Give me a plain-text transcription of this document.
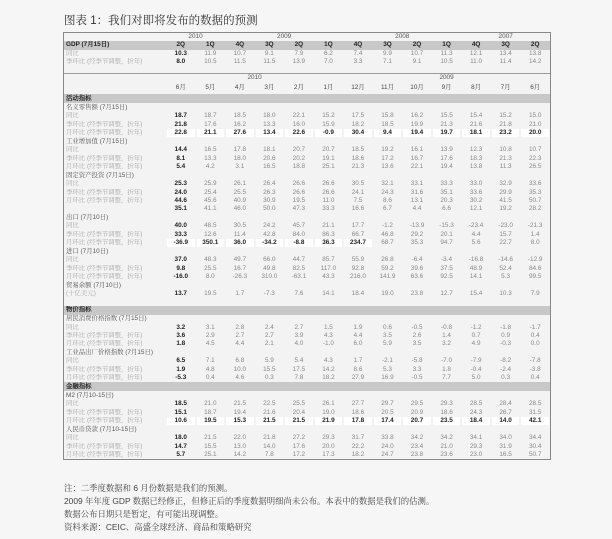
图表 1：我们对即将发布的数据的预测
	2010		2009				2008				2007		
GDP (7月15日)	2Q	1Q	4Q	3Q	2Q	1Q	4Q	3Q	2Q	1Q	4Q	3Q	2Q
同比	10.3	11.9	10.7	9.1	7.9	6.2	7.4	9.9	10.7	11.3	12.1	13.4	13.8
季环比 (经季节调整，折年)	8.0	10.5	11.5	11.5	13.9	7.0	3.3	7.1	9.1	10.5	11.0	11.4	14.2

			2010						2009				
	6月	5月	4月	3月	2月	1月	12月	11月	10月	9月	8月	7月	6月
活动指标													
名义零售额 (7月15日)													
同比	18.7	18.7	18.5	18.0	22.1	15.2	17.5	15.8	16.2	15.5	15.4	15.2	15.0
季环比 (经季节调整，折年)	21.8	17.6	16.2	13.3	16.0	15.9	18.2	18.5	19.9	21.3	21.6	21.8	21.0
月环比 (经季节调整，折年)	22.8	21.1	27.6	13.4	22.6	-0.9	30.4	9.4	19.4	19.7	18.1	23.2	20.0

工业增加值 (7月15日)													
同比	14.4	16.5	17.8	18.1	20.7	20.7	18.5	19.2	16.1	13.9	12.3	10.8	10.7
季环比 (经季节调整，折年)	8.1	13.3	18.0	20.6	20.2	19.1	18.6	17.2	16.7	17.6	18.3	21.3	22.3
月环比 (经季节调整，折年)	5.4	4.2	3.1	16.5	18.8	25.1	21.3	13.6	22.1	19.4	13.8	11.3	26.5
固定资产投资 (7月15日)													
同比	25.3	25.9	26.1	26.4	26.6	26.6	30.5	32.1	33.1	33.3	33.0	32.9	33.6
季环比 (经季节调整，折年)	24.0	25.4	25.5	26.3	26.6	26.6	24.1	24.3	31.6	35.1	33.6	29.9	35.3
月环比 (经季节调整，折年)	44.6	45.6	40.9	30.9	19.5	11.0	7.5	8.6	13.1	20.3	30.2	41.5	50.7
	35.1	41.1	46.0	50.0	47.3	33.3	16.6	6.7	4.4	6.6	12.1	19.2	28.2
出口 (7月10日)													
同比	40.0	48.5	30.5	24.2	45.7	21.1	17.7	-1.2	-13.9	-15.3	-23.4	-23.0	-21.3
季环比 (经季节调整，折年)	33.3	12.6	11.4	42.8	84.0	86.3	66.7	46.8	29.2	20.1	4.4	15.7	1.4
月环比 (经季节调整，折年)	-36.9	350.1	36.0	-34.2	-8.8	36.3	234.7	68.7	35.3	94.7	5.6	22.7	8.0
进口 (7月10日)													
同比	37.0	48.3	49.7	66.0	44.7	85.7	55.9	26.8	-6.4	-3.4	-16.8	-14.6	-12.9
季环比 (经季节调整，折年)	9.8	25.5	16.7	49.8	82.5	117.0	92.8	59.2	39.6	37.5	48.9	52.4	84.6
月环比 (经季节调整，折年)	-16.0	8.0	-26.3	310.0	-63.1	43.3	216.0	141.9	63.6	92.5	14.1	5.3	99.5
贸易余额 (7月10日)													
(十亿美元)	13.7	19.5	1.7	-7.3	7.6	14.1	18.4	19.0	23.8	12.7	15.4	10.3	7.9

物价指标													
居民消费价格指数 (7月15日)													
同比	3.2	3.1	2.8	2.4	2.7	1.5	1.9	0.6	-0.5	-0.8	-1.2	-1.8	-1.7
季环比 (经季节调整，折年)	3.6	2.9	2.7	2.7	3.9	4.3	4.4	3.5	2.6	1.4	0.7	0.9	0.4
月环比 (经季节调整，折年)	1.8	4.5	4.4	2.1	4.0	-1.0	6.0	5.9	3.5	3.2	4.9	-0.3	0.0
工业品出厂价格指数 (7月15日)													
同比	6.5	7.1	6.8	5.9	5.4	4.3	1.7	-2.1	-5.8	-7.0	-7.9	-8.2	-7.8
季环比 (经季节调整，折年)	1.9	4.8	10.0	15.5	17.5	14.2	8.6	5.3	3.3	1.8	-0.4	-2.4	-3.8
月环比 (经季节调整，折年)	-5.3	0.4	4.6	0.3	7.8	18.2	27.9	16.9	-0.5	7.7	5.0	0.3	0.4
金融指标													
M2 (7月10-15日)													
同比	18.5	21.0	21.5	22.5	25.5	26.1	27.7	29.7	29.5	29.3	28.5	28.4	28.5
季环比 (经季节调整，折年)	15.1	18.7	19.4	21.6	20.4	19.0	18.6	20.5	20.9	18.6	24.3	26.7	31.5
月环比 (经季节调整，折年)	10.6	19.5	15.3	21.5	21.5	21.9	17.8	17.4	20.7	23.5	18.4	14.0	42.1

人民币贷款 (7月10-15日)													
同比	18.0	21.5	22.0	21.8	27.2	29.3	31.7	33.8	34.2	34.2	34.1	34.0	34.4
季环比 (经季节调整，折年)	14.7	15.5	13.0	14.0	17.6	20.0	22.2	24.0	23.4	21.0	29.3	31.9	30.4
月环比 (经季节调整，折年)	5.7	25.1	14.2	7.8	17.2	17.3	18.2	24.7	23.8	23.6	23.0	16.5	50.7
注：二季度数据和 6 月份数据是我们的预测。
2009 年年度 GDP 数据已经修正，但修正后的季度数据明细尚未公布。本表中的数据是我们的估测。
数据公布日期只是暂定，有可能出现调整。
资料来源：CEIC、高盛全球经济、商品和策略研究
